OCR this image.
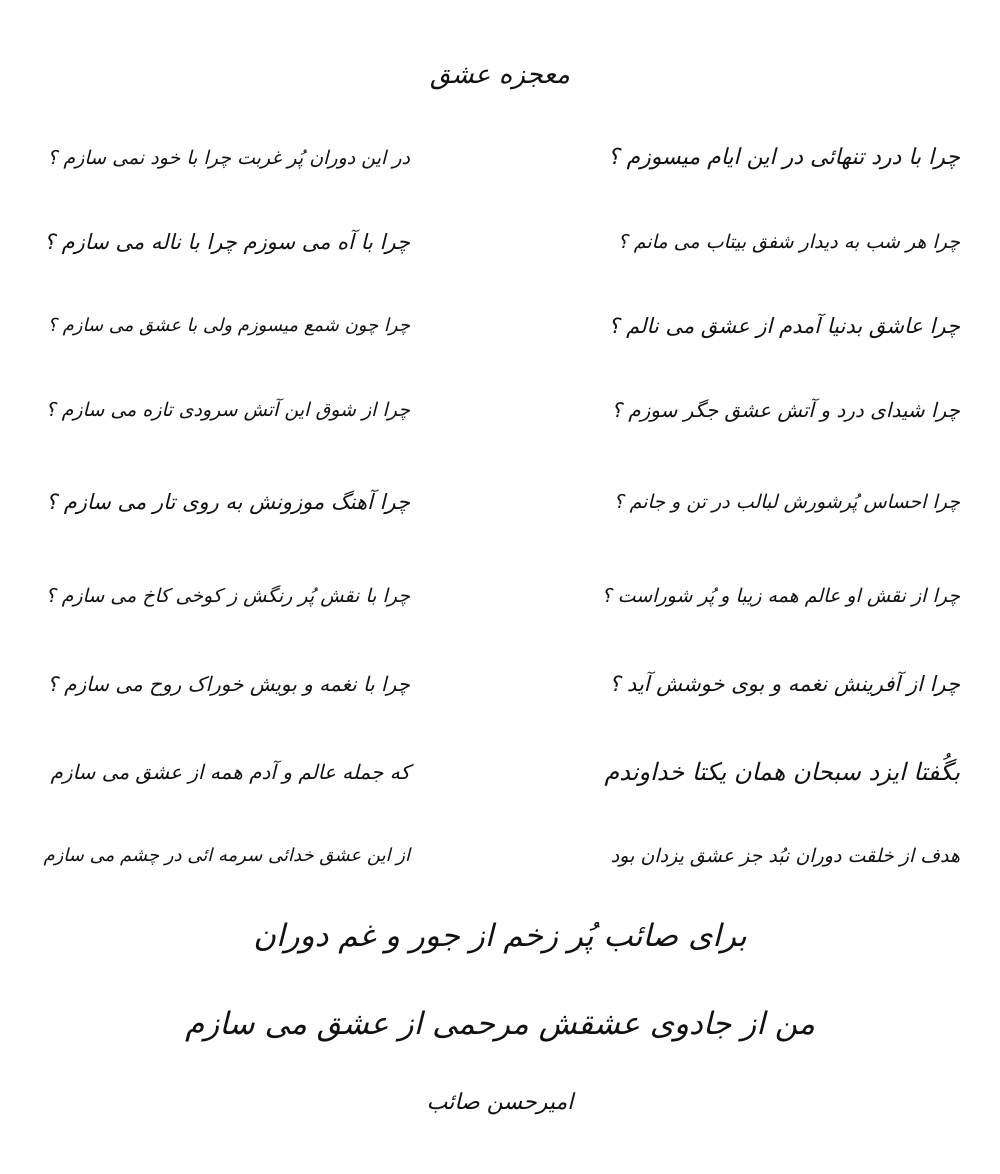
معجزه عشق
چرا با درد تنهائی در این ایام میسوزم ؟
در این دوران پُر غربت چرا با خود نمی سازم ؟
چرا هر شب به دیدار شفق بیتاب می مانم ؟
چرا با آه می سوزم چرا با ناله می سازم ؟
چرا عاشق بدنیا آمدم از عشق می نالم ؟
چرا چون شمع میسوزم ولی با عشق می سازم ؟
چرا شیدای درد و آتش عشق جگر سوزم ؟
چرا از شوق این آتش سرودی تازه می سازم ؟
چرا احساس پُرشورش لبالب در تن و جانم ؟
چرا آهنگ موزونش به روی تار می سازم ؟
چرا از نقش او عالم همه زیبا و پُر شوراست ؟
چرا با نقش پُر رنگش ز کوخی کاخ می سازم ؟
چرا از آفرینش نغمه و بوی خوشش آید ؟
چرا با نغمه و بویش خوراک روح می سازم ؟
بگُفتا ایزد سبحان همان یکتا خداوندم
که جمله عالم و آدم همه از عشق می سازم
هدف از خلقت دوران نبُد جز عشق یزدان بود
از این عشق خدائی سرمه ائی در چشم می سازم
برای صائب پُر زخم از جور و غم دوران
من از جادوی عشقش مرحمی از عشق می سازم
امیرحسن صائب
